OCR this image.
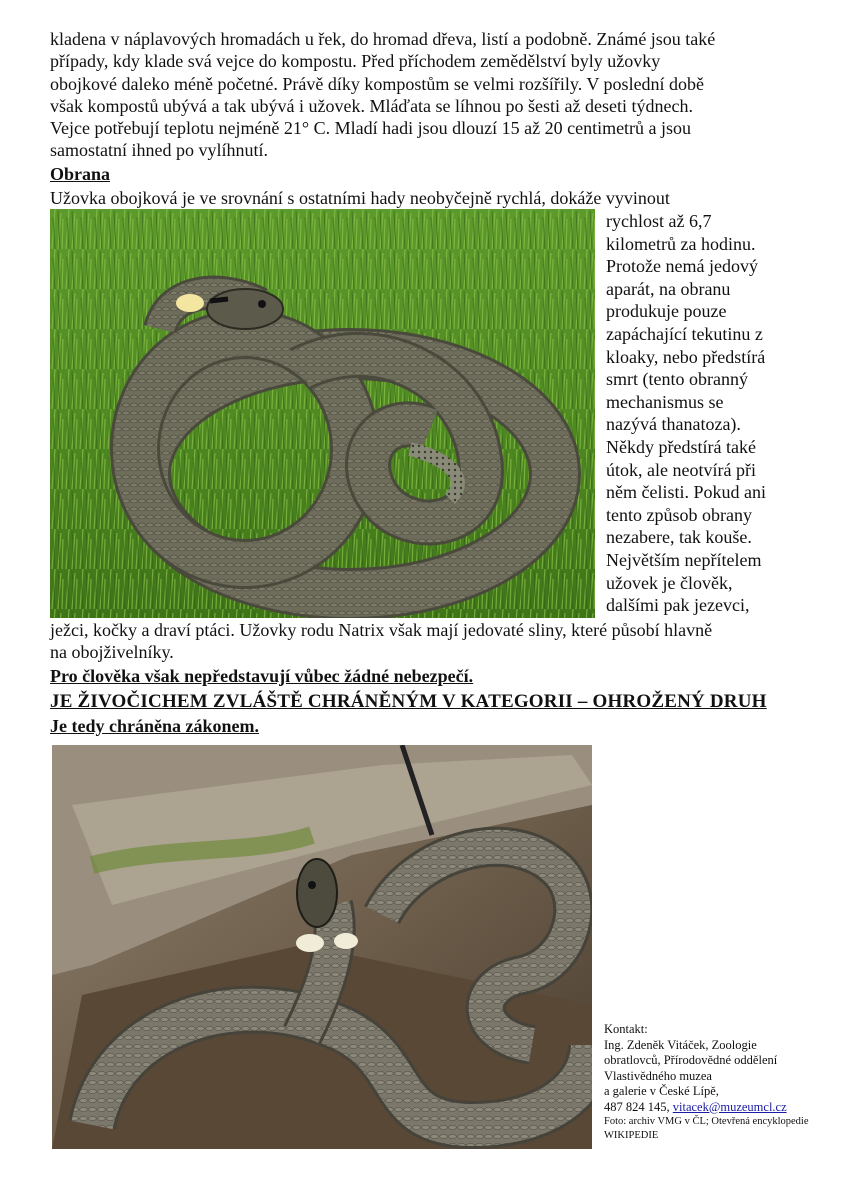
kladena v náplavových hromadách u řek, do hromad dřeva, listí a podobně. Známé jsou také

případy, kdy klade svá vejce do kompostu. Před příchodem zemědělství byly užovky

obojkové daleko méně početné. Právě díky kompostům se velmi rozšířily. V poslední době

však kompostů ubývá a tak ubývá i užovek. Mláďata se líhnou po šesti až deseti týdnech.

Vejce potřebují teplotu nejméně 21° C. Mladí hadi jsou dlouzí 15 až 20 centimetrů a jsou

samostatní ihned po vylíhnutí.

Obrana
Užovka obojková je ve srovnání s ostatními hady neobyčejně rychlá, dokáže vyvinout
rychlost až 6,7
kilometrů za hodinu.
Protože nemá jedový
aparát, na obranu
produkuje pouze
zapáchající tekutinu z
kloaky, nebo předstírá
smrt (tento obranný
mechanismus se
nazývá thanatoza).
Někdy předstírá také
útok, ale neotvírá při
něm čelisti. Pokud ani
tento způsob obrany
nezabere, tak kouše.
Největším nepřítelem
užovek je člověk,
dalšími pak jezevci,
ježci, kočky a draví ptáci. Užovky rodu Natrix však mají jedovaté sliny, které působí hlavně
na obojživelníky.
Pro člověka však nepředstavují vůbec žádné nebezpečí.
JE ŽIVOČICHEM ZVLÁŠTĚ CHRÁNĚNÝM V KATEGORII – OHROŽENÝ DRUH
Je tedy chráněna zákonem.
Kontakt:
Ing. Zdeněk Vitáček, Zoologie
obratlovců, Přírodovědné oddělení
Vlastivědného muzea
a galerie v České Lípě,
487 824 145, vitacek@muzeumcl.cz
Foto: archiv VMG v ČL; Otevřená encyklopedie WIKIPEDIE
